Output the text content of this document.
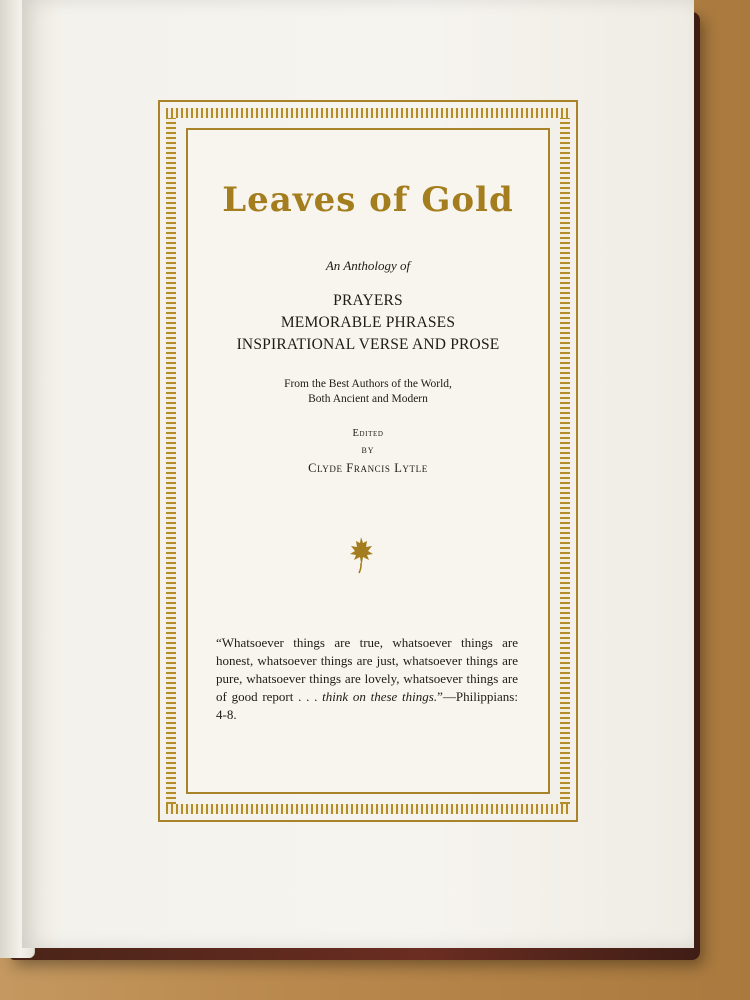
Leaves of Gold
An Anthology of
PRAYERS
MEMORABLE PHRASES
INSPIRATIONAL VERSE AND PROSE
From the Best Authors of the World,
Both Ancient and Modern
Edited
BY
Clyde Francis Lytle
“Whatsoever things are true, whatsoever things are honest, whatsoever things are just, whatsoever things are pure, whatsoever things are lovely, whatsoever things are of good report . . . think on these things.”—Philippians: 4-8.
